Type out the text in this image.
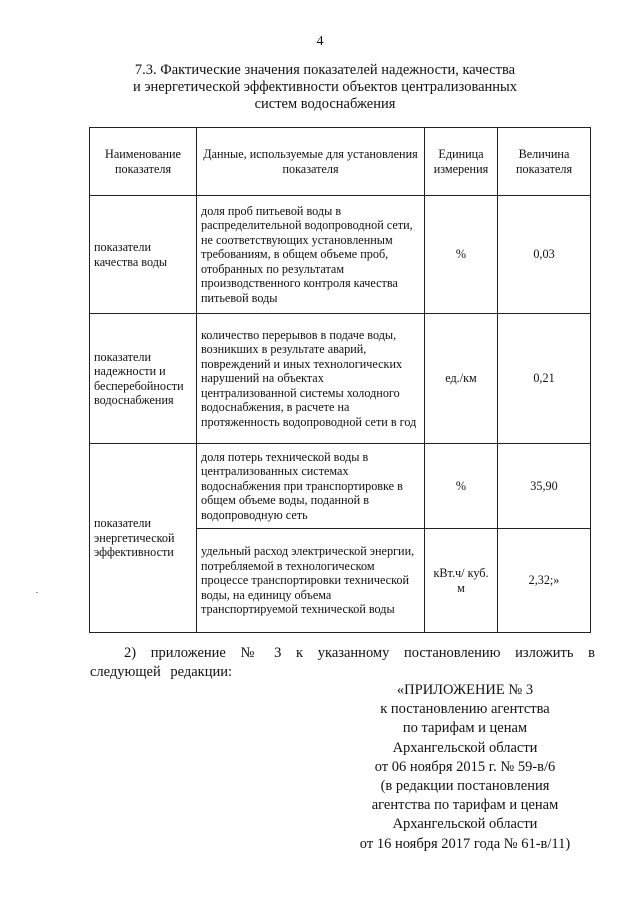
4
7.3. Фактические значения показателей надежности, качества
и энергетической эффективности объектов централизованных
систем водоснабжения
Наименование показателя	Данные, используемые для установления показателя	Единица измерения	Величина показателя
показатели качества воды	доля проб питьевой воды в распределительной водопроводной сети, не соответствующих установленным требованиям, в общем объеме проб, отобранных по результатам производственного контроля качества питьевой воды	%	0,03
показатели надежности и бесперебойности водоснабжения	количество перерывов в подаче воды, возникших в результате аварий, повреждений и иных технологических нарушений на объектах централизованной системы холодного водоснабжения, в расчете на протяженность водопроводной сети в год	ед./км	0,21
показатели энергетической эффективности	доля потерь технической воды в централизованных системах водоснабжения при транспортировке в общем объеме воды, поданной в водопроводную сеть	%	35,90
	удельный расход электрической энергии, потребляемой в технологическом процессе транспортировки технической воды, на единицу объема транспортируемой технической воды	кВт.ч/ куб. м	2,32;»
2) приложение № 3 к указанному постановлению изложить в следующей редакции:
«ПРИЛОЖЕНИЕ № 3
к постановлению агентства
по тарифам и ценам
Архангельской области
от 06 ноября 2015 г. № 59-в/6
(в редакции постановления
агентства по тарифам и ценам
Архангельской области
от 16 ноября 2017 года № 61-в/11)
